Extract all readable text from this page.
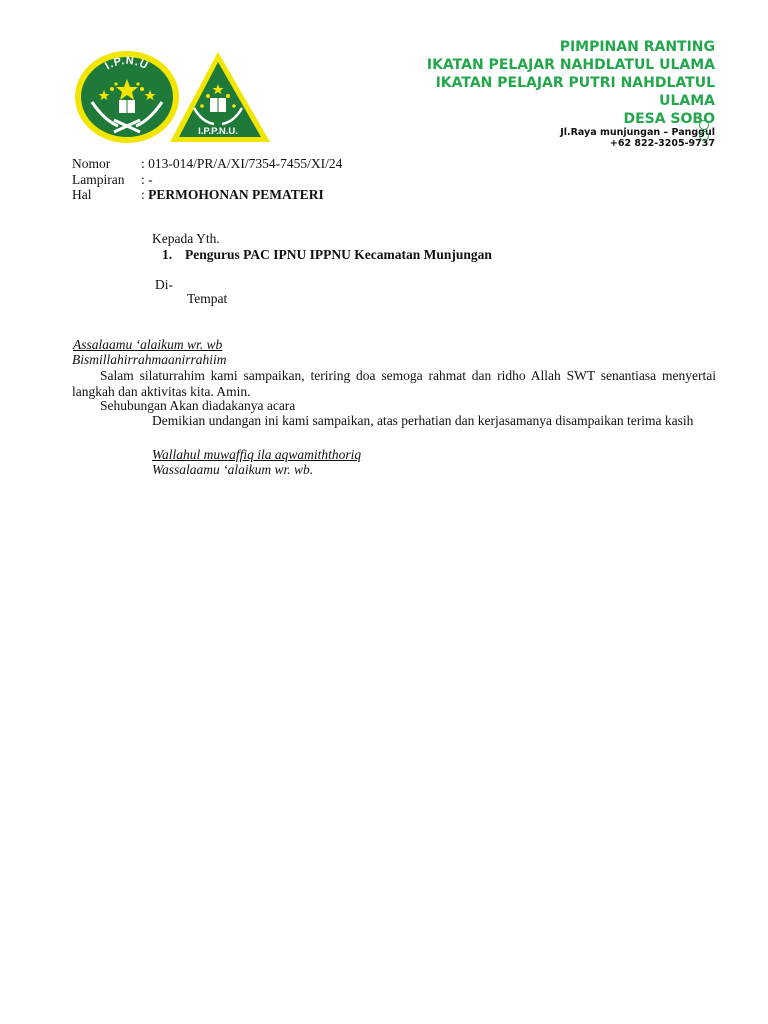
I.P.N.U
I.P.P.N.U.
PIMPINAN RANTING
IKATAN PELAJAR NAHDLATUL ULAMA
IKATAN PELAJAR PUTRI NAHDLATUL
ULAMA
DESA SOBO
Jl.Raya munjungan – Panggul
+62 822-3205-9737
Nomor	: 013-014/PR/A/XI/7354-7455/XI/24
Lampiran	: -
Hal	: PERMOHONAN PEMATERI
Kepada Yth.
1. Pengurus PAC IPNU IPPNU Kecamatan Munjungan
Di-
Tempat
Assalaamu ‘alaikum wr. wb
Bismillahirrahmaanirrahiim
Salam silaturrahim kami sampaikan, teriring doa semoga rahmat dan ridho Allah SWT senantiasa menyertai langkah dan aktivitas kita. Amin.
Sehubungan Akan diadakanya acara
Demikian undangan ini kami sampaikan, atas perhatian dan kerjasamanya disampaikan terima kasih
Wallahul muwaffiq ila aqwamiththoriq
Wassalaamu ‘alaikum wr. wb.
